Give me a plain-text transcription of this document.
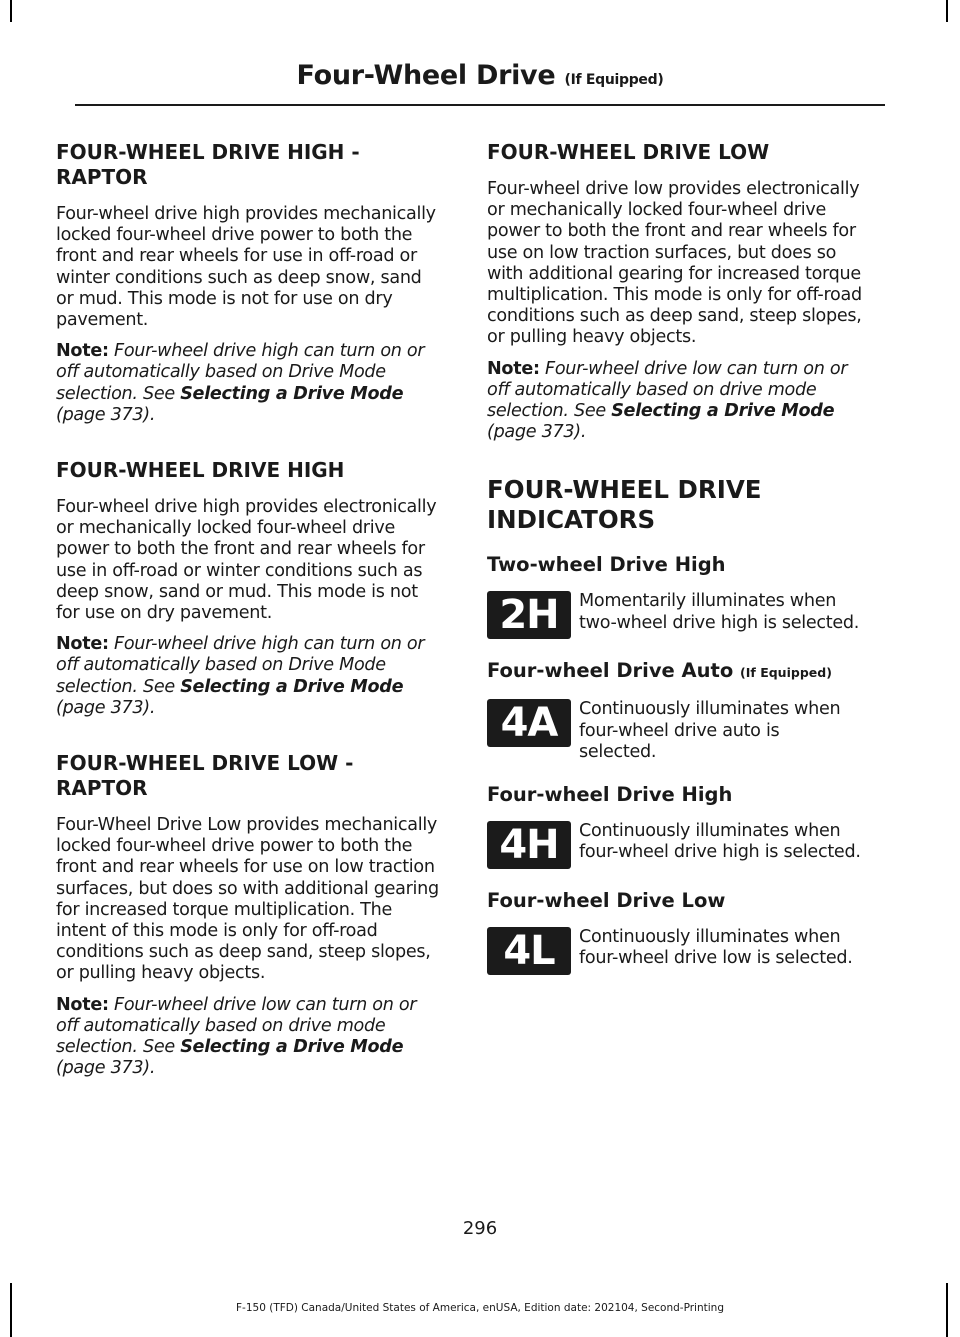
Four-Wheel Drive (If Equipped)
FOUR-WHEEL DRIVE HIGH - RAPTOR

Four-wheel drive high provides mechanically locked four-wheel drive power to both the front and rear wheels for use in off-road or winter conditions such as deep snow, sand or mud. This mode is not for use on dry pavement.

Note: Four-wheel drive high can turn on or off automatically based on Drive Mode selection. See Selecting a Drive Mode (page 373).

FOUR-WHEEL DRIVE HIGH

Four-wheel drive high provides electronically or mechanically locked four-wheel drive power to both the front and rear wheels for use in off-road or winter conditions such as deep snow, sand or mud. This mode is not for use on dry pavement.

Note: Four-wheel drive high can turn on or off automatically based on Drive Mode selection. See Selecting a Drive Mode (page 373).

FOUR-WHEEL DRIVE LOW - RAPTOR

Four-Wheel Drive Low provides mechanically locked four-wheel drive power to both the front and rear wheels for use on low traction surfaces, but does so with additional gearing for increased torque multiplication. The intent of this mode is only for off-road conditions such as deep sand, steep slopes, or pulling heavy objects.

Note: Four-wheel drive low can turn on or off automatically based on drive mode selection. See Selecting a Drive Mode (page 373).

FOUR-WHEEL DRIVE LOW

Four-wheel drive low provides electronically or mechanically locked four-wheel drive power to both the front and rear wheels for use on low traction surfaces, but does so with additional gearing for increased torque multiplication. This mode is only for off-road conditions such as deep sand, steep slopes, or pulling heavy objects.

Note: Four-wheel drive low can turn on or off automatically based on drive mode selection. See Selecting a Drive Mode (page 373).

FOUR-WHEEL DRIVE
INDICATORS
Two-wheel Drive High
2H	Momentarily illuminates when two-wheel drive high is selected.

Four-wheel Drive Auto (If Equipped)
4A	Continuously illuminates when four-wheel drive auto is selected.

Four-wheel Drive High
4H	Continuously illuminates when four-wheel drive high is selected.

Four-wheel Drive Low
4L	Continuously illuminates when four-wheel drive low is selected.

296
F-150 (TFD) Canada/United States of America, enUSA, Edition date: 202104, Second-Printing
